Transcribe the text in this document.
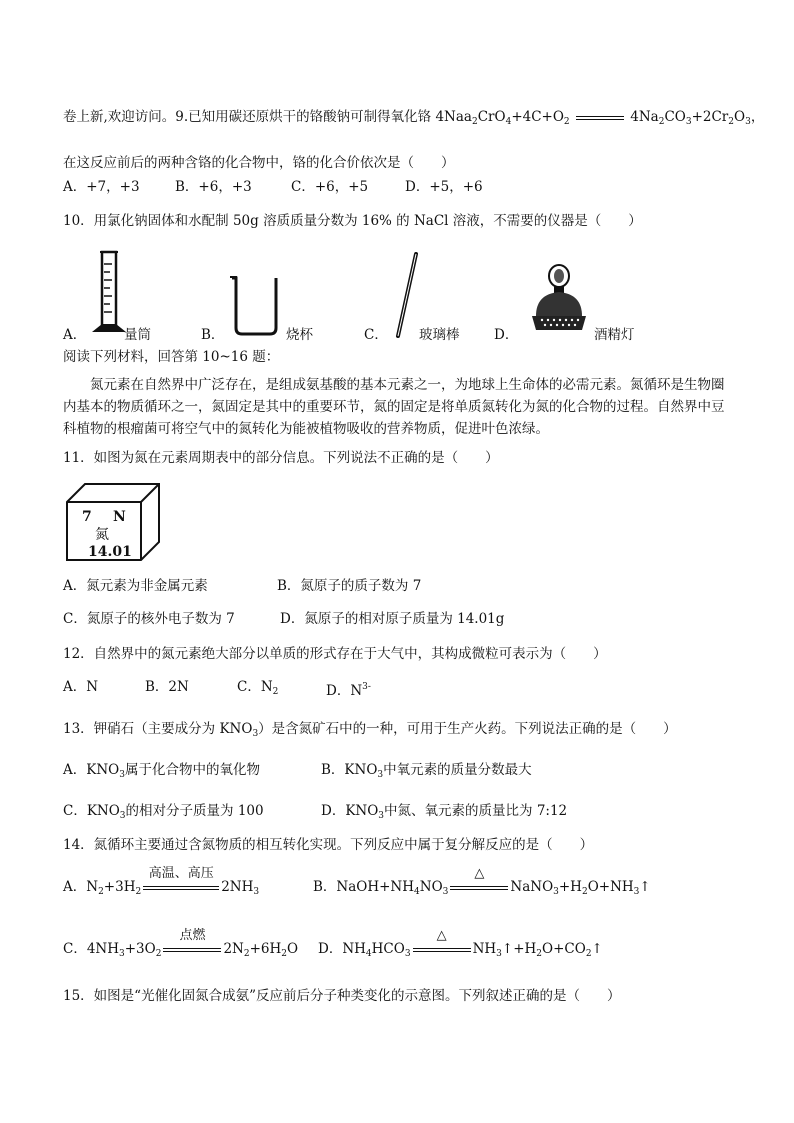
卷上新,欢迎访问。9.已知用碳还原烘干的铬酸钠可制得氧化铬 $4Naa_2CrO_4+4C+O_2$	$4Na_2CO_3+2Cr_2O_3$，
在这反应前后的两种含铬的化合物中，铬的化合价依次是（　　）
A．+7，+3	B．+6，+3	C．+6，+5	D．+5，+6
10．用氯化钠固体和水配制 50g 溶质质量分数为 16% 的 NaCl 溶液，不需要的仪器是（　　）
A．	量筒	B．	烧杯	C． 玻璃棒	D．	酒精灯
阅读下列材料，回答第 10~16 题：
氮元素在自然界中广泛存在，是组成氨基酸的基本元素之一，为地球上生命体的必需元素。氮循环是生物圈内基本的物质循环之一，氮固定是其中的重要环节，氮的固定是将单质氮转化为氮的化合物的过程。自然界中豆科植物的根瘤菌可将空气中的氮转化为能被植物吸收的营养物质，促进叶色浓绿。
11．如图为氮在元素周期表中的部分信息。下列说法不正确的是（　　）
7 N
氮
14.01
A．氮元素为非金属元素	B．氮原子的质子数为 7
C．氮原子的核外电子数为 7	D．氮原子的相对原子质量为 14.01g
12．自然界中的氮元素绝大部分以单质的形式存在于大气中，其构成微粒可表示为（　　）
A．N	B．2N	C．$N_2$	D．$N^{3-}$
13．钾硝石（主要成分为 $KNO_3$）是含氮矿石中的一种，可用于生产火药。下列说法正确的是（　　）
A．$KNO_3$属于化合物中的氧化物	B．$KNO_3$中氧元素的质量分数最大
C．$KNO_3$的相对分子质量为 100	D．$KNO_3$中氮、氧元素的质量比为 7:12
14．氮循环主要通过含氮物质的相互转化实现。下列反应中属于复分解反应的是（　　）
A．$N_2+3H_2$
高温、高压
$2NH_3$	B．$NaOH+NH_4NO_3$
△
$NaNO_3+H_2O+NH_3↑$
C．$4NH_3+3O_2$
点燃
$2N_2+6H_2O$ D．$NH_4HCO_3$
△
$NH_3↑+H_2O+CO_2↑$
15．如图是“光催化固氮合成氨”反应前后分子种类变化的示意图。下列叙述正确的是（　　）
